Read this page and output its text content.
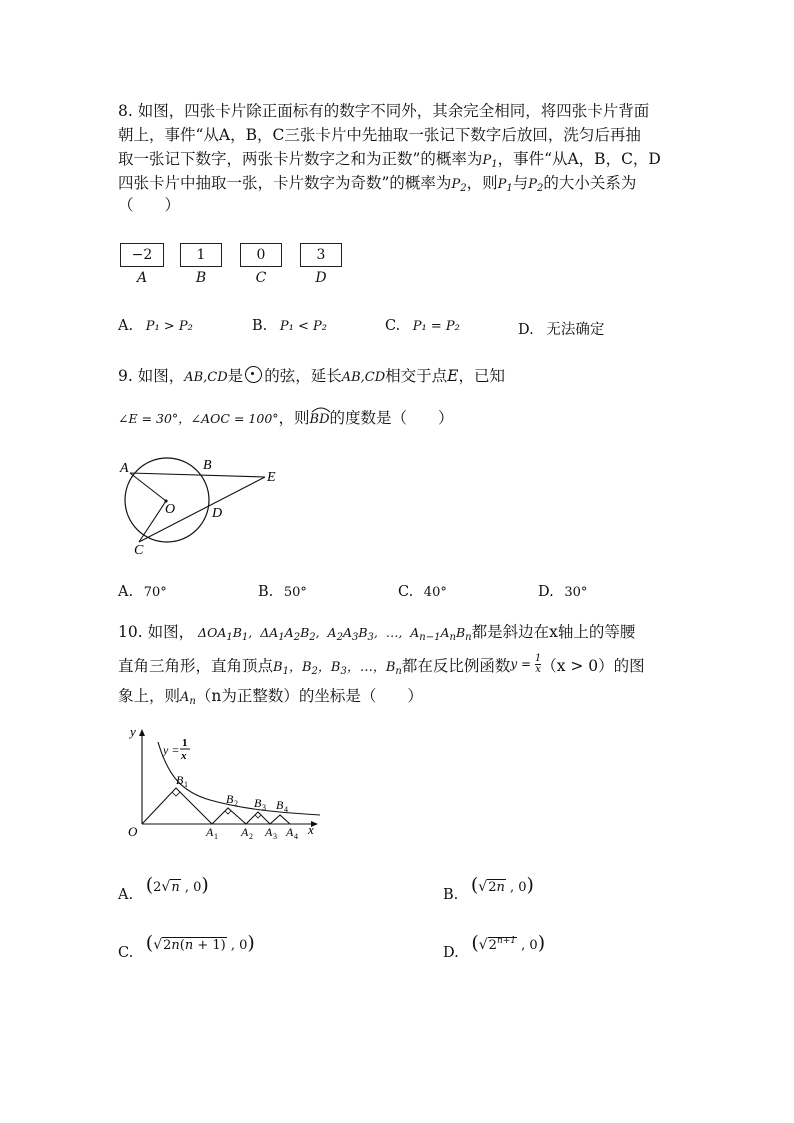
8. 如图，四张卡片除正面标有的数字不同外，其余完全相同，将四张卡片背面
朝上，事件“从A，B，C三张卡片中先抽取一张记下数字后放回，洗匀后再抽
取一张记下数字，两张卡片数字之和为正数”的概率为$P_1$，事件“从A，B，C，D
四张卡片中抽取一张，卡片数字为奇数”的概率为$P_2$，则$P_1$与$P_2$的大小关系为
（　　）
−2	1	0	3
A	B	C	D
A. P₁ > P₂	B. P₁ < P₂	C. P₁ = P₂	D. 无法确定
9. 如图，AB,CD是 的弦，延长AB,CD相交于点E，已知
∠E = 30°，∠AOC = 100°，则BD
的度数是（　　）
A	B
E
O	D
C
A. 70°	B. 50°	C. 40°	D. 30°
10. 如图， $\Delta OA_1B_1$,  $\Delta A_1A_2B_2$,  $A_2A_3B_3$,  …,  $A_{n-1}A_nB_n$都是斜边在x轴上的等腰
直角三角形，直角顶点$B_1$，$B_2$，$B_3$，…，$B_n$都在反比例函数$y = \frac{1}{x} (x > 0)$的图
象上，则$A_n(n$为正整数）的坐标是（　　）
y
x
O
y = 1
x
B 1
B 2 B 3 B 4
A 1 A 2 A 3 A 4
A. (2√n , 0)	B. (√2n , 0)
C. (√2n(n + 1) , 0)	D. ($√2^{n+1}$ , 0)
